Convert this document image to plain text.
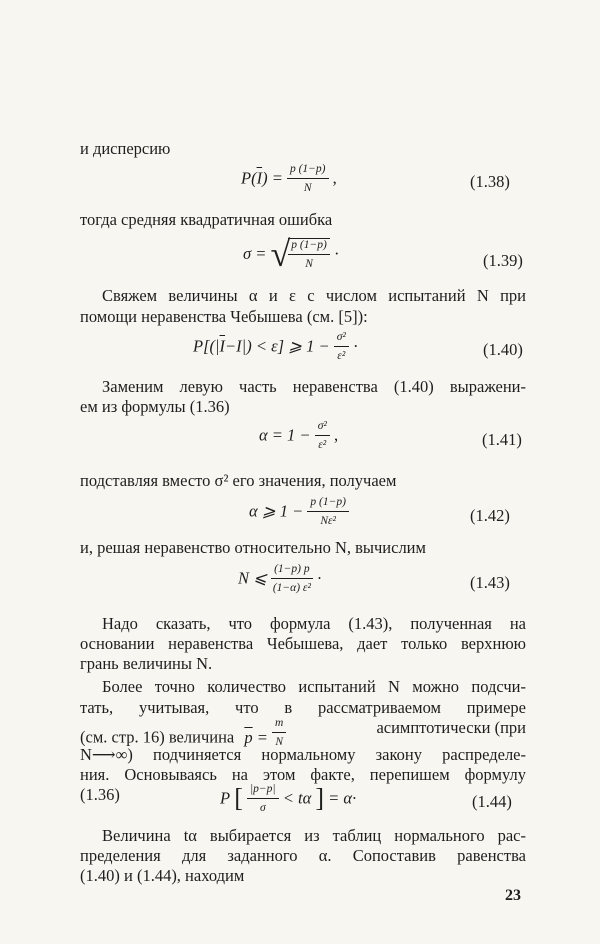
и дисперсию
$P(\overline{I}) = \frac{p (1-p)}{N}$ ,	(1.38)
тогда средняя квадратичная ошибка
σ = √
$\frac{p (1-p)}{N}$ ·	(1.39)
Свяжем величины α и ε с числом испытаний N при
помощи неравенства Чебышева (см. [5]):
$P[(|\overline{I}-I|) < \varepsilon]$ ⩾ $1 - \frac{\text{σ²}}{\text{ε²}}$ ·	(1.40)
Заменим левую часть неравенства (1.40) выражени-
ем из формулы (1.36)
$\alpha = 1 - \frac{\text{σ²}}{\text{ε²}}$ ,	(1.41)
подставляя вместо σ² его значения, получаем
α ⩾ $1 - \frac{p (1-p)}{\text{Nε²}}$	(1.42)
и, решая неравенство относительно N, вычислим
N ⩽ $\frac{(1-p) p}{\text{(1−α) ε²}}$ ·	(1.43)
Надо сказать, что формула (1.43), полученная на
основании неравенства Чебышева, дает только верхнюю
грань величины N.
Более точно количество испытаний N можно подсчи-
тать, учитывая, что в рассматриваемом примере
(см. стр. 16) величина $\overline{p} = \frac{m}{N}$	асимптотически (при
N⟶∞) подчиняется нормальному закону распределе-
ния. Основываясь на этом факте, перепишем формулу
(1.36)	P [ $\frac{|p-p|}{\sigma} < t\alpha$ ] = α·	(1.44)
Величина tα выбирается из таблиц нормального рас-
пределения для заданного α. Сопоставив равенства
(1.40) и (1.44), находим
23
